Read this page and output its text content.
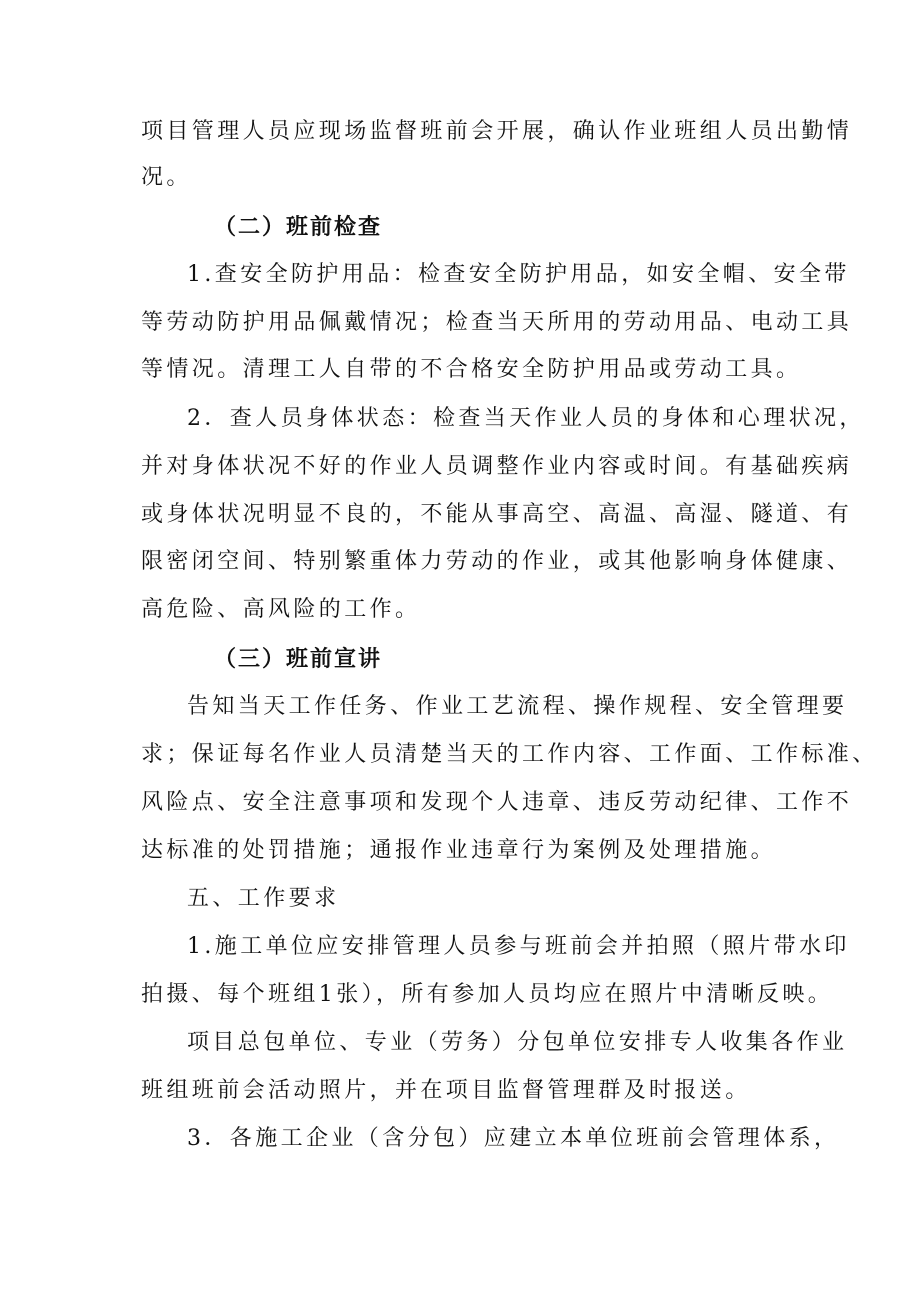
项目管理人员应现场监督班前会开展，确认作业班组人员出勤情
况。
（二）班前检查
1.查安全防护用品：检查安全防护用品，如安全帽、安全带
等劳动防护用品佩戴情况；检查当天所用的劳动用品、电动工具
等情况。清理工人自带的不合格安全防护用品或劳动工具。
2．查人员身体状态：检查当天作业人员的身体和心理状况，
并对身体状况不好的作业人员调整作业内容或时间。有基础疾病
或身体状况明显不良的，不能从事高空、高温、高湿、隧道、有
限密闭空间、特别繁重体力劳动的作业，或其他影响身体健康、
高危险、高风险的工作。
（三）班前宣讲
告知当天工作任务、作业工艺流程、操作规程、安全管理要
求；保证每名作业人员清楚当天的工作内容、工作面、工作标准、
风险点、安全注意事项和发现个人违章、违反劳动纪律、工作不
达标准的处罚措施；通报作业违章行为案例及处理措施。
五、工作要求
1.施工单位应安排管理人员参与班前会并拍照（照片带水印
拍摄、每个班组1张），所有参加人员均应在照片中清晰反映。
项目总包单位、专业（劳务）分包单位安排专人收集各作业
班组班前会活动照片，并在项目监督管理群及时报送。
3．各施工企业（含分包）应建立本单位班前会管理体系，
